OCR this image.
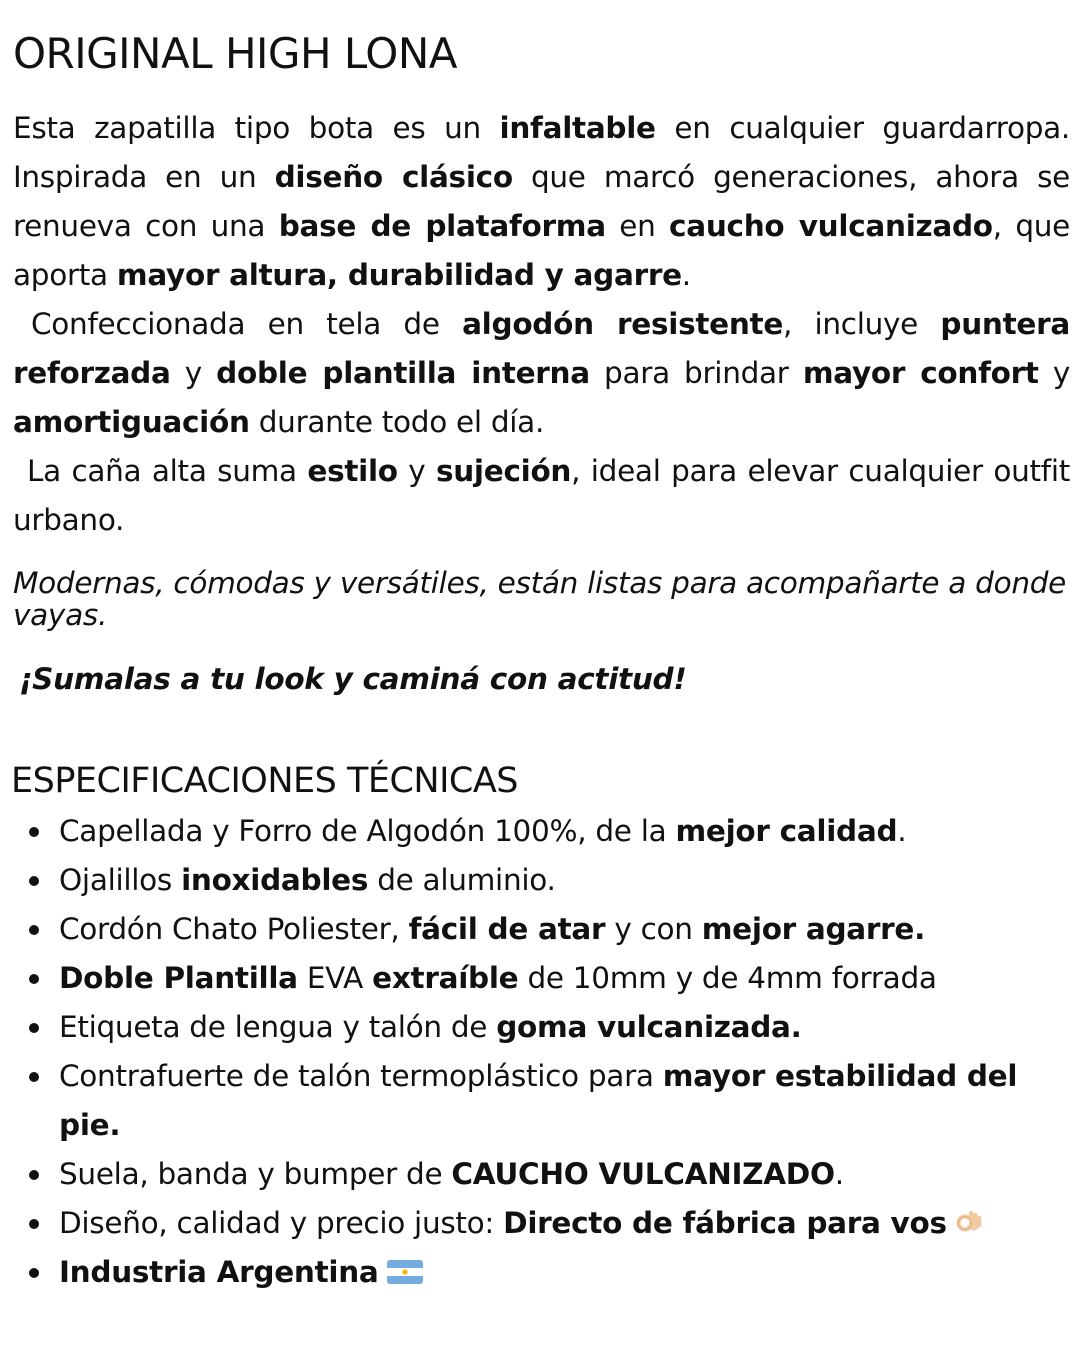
ORIGINAL HIGH LONA

Esta zapatilla tipo bota es un infaltable en cualquier guardarropa. Inspirada en un diseño clásico que marcó generaciones, ahora se renueva con una base de plataforma en caucho vulcanizado, que aporta mayor altura, durabilidad y agarre.

Confeccionada en tela de algodón resistente, incluye puntera reforzada y doble plantilla interna para brindar mayor confort y amortiguación durante todo el día.

La caña alta suma estilo y sujeción, ideal para elevar cualquier outfit urbano.

Modernas, cómodas y versátiles, están listas para acompañarte a donde vayas.

¡Sumalas a tu look y caminá con actitud!

ESPECIFICACIONES TÉCNICAS
Capellada y Forro de Algodón 100%, de la mejor calidad.
Ojalillos inoxidables de aluminio.
Cordón Chato Poliester, fácil de atar y con mejor agarre.
Doble Plantilla EVA extraíble de 10mm y de 4mm forrada
Etiqueta de lengua y talón de goma vulcanizada.
Contrafuerte de talón termoplástico para mayor estabilidad del pie.
Suela, banda y bumper de CAUCHO VULCANIZADO.
Diseño, calidad y precio justo: Directo de fábrica para vos
Industria Argentina
